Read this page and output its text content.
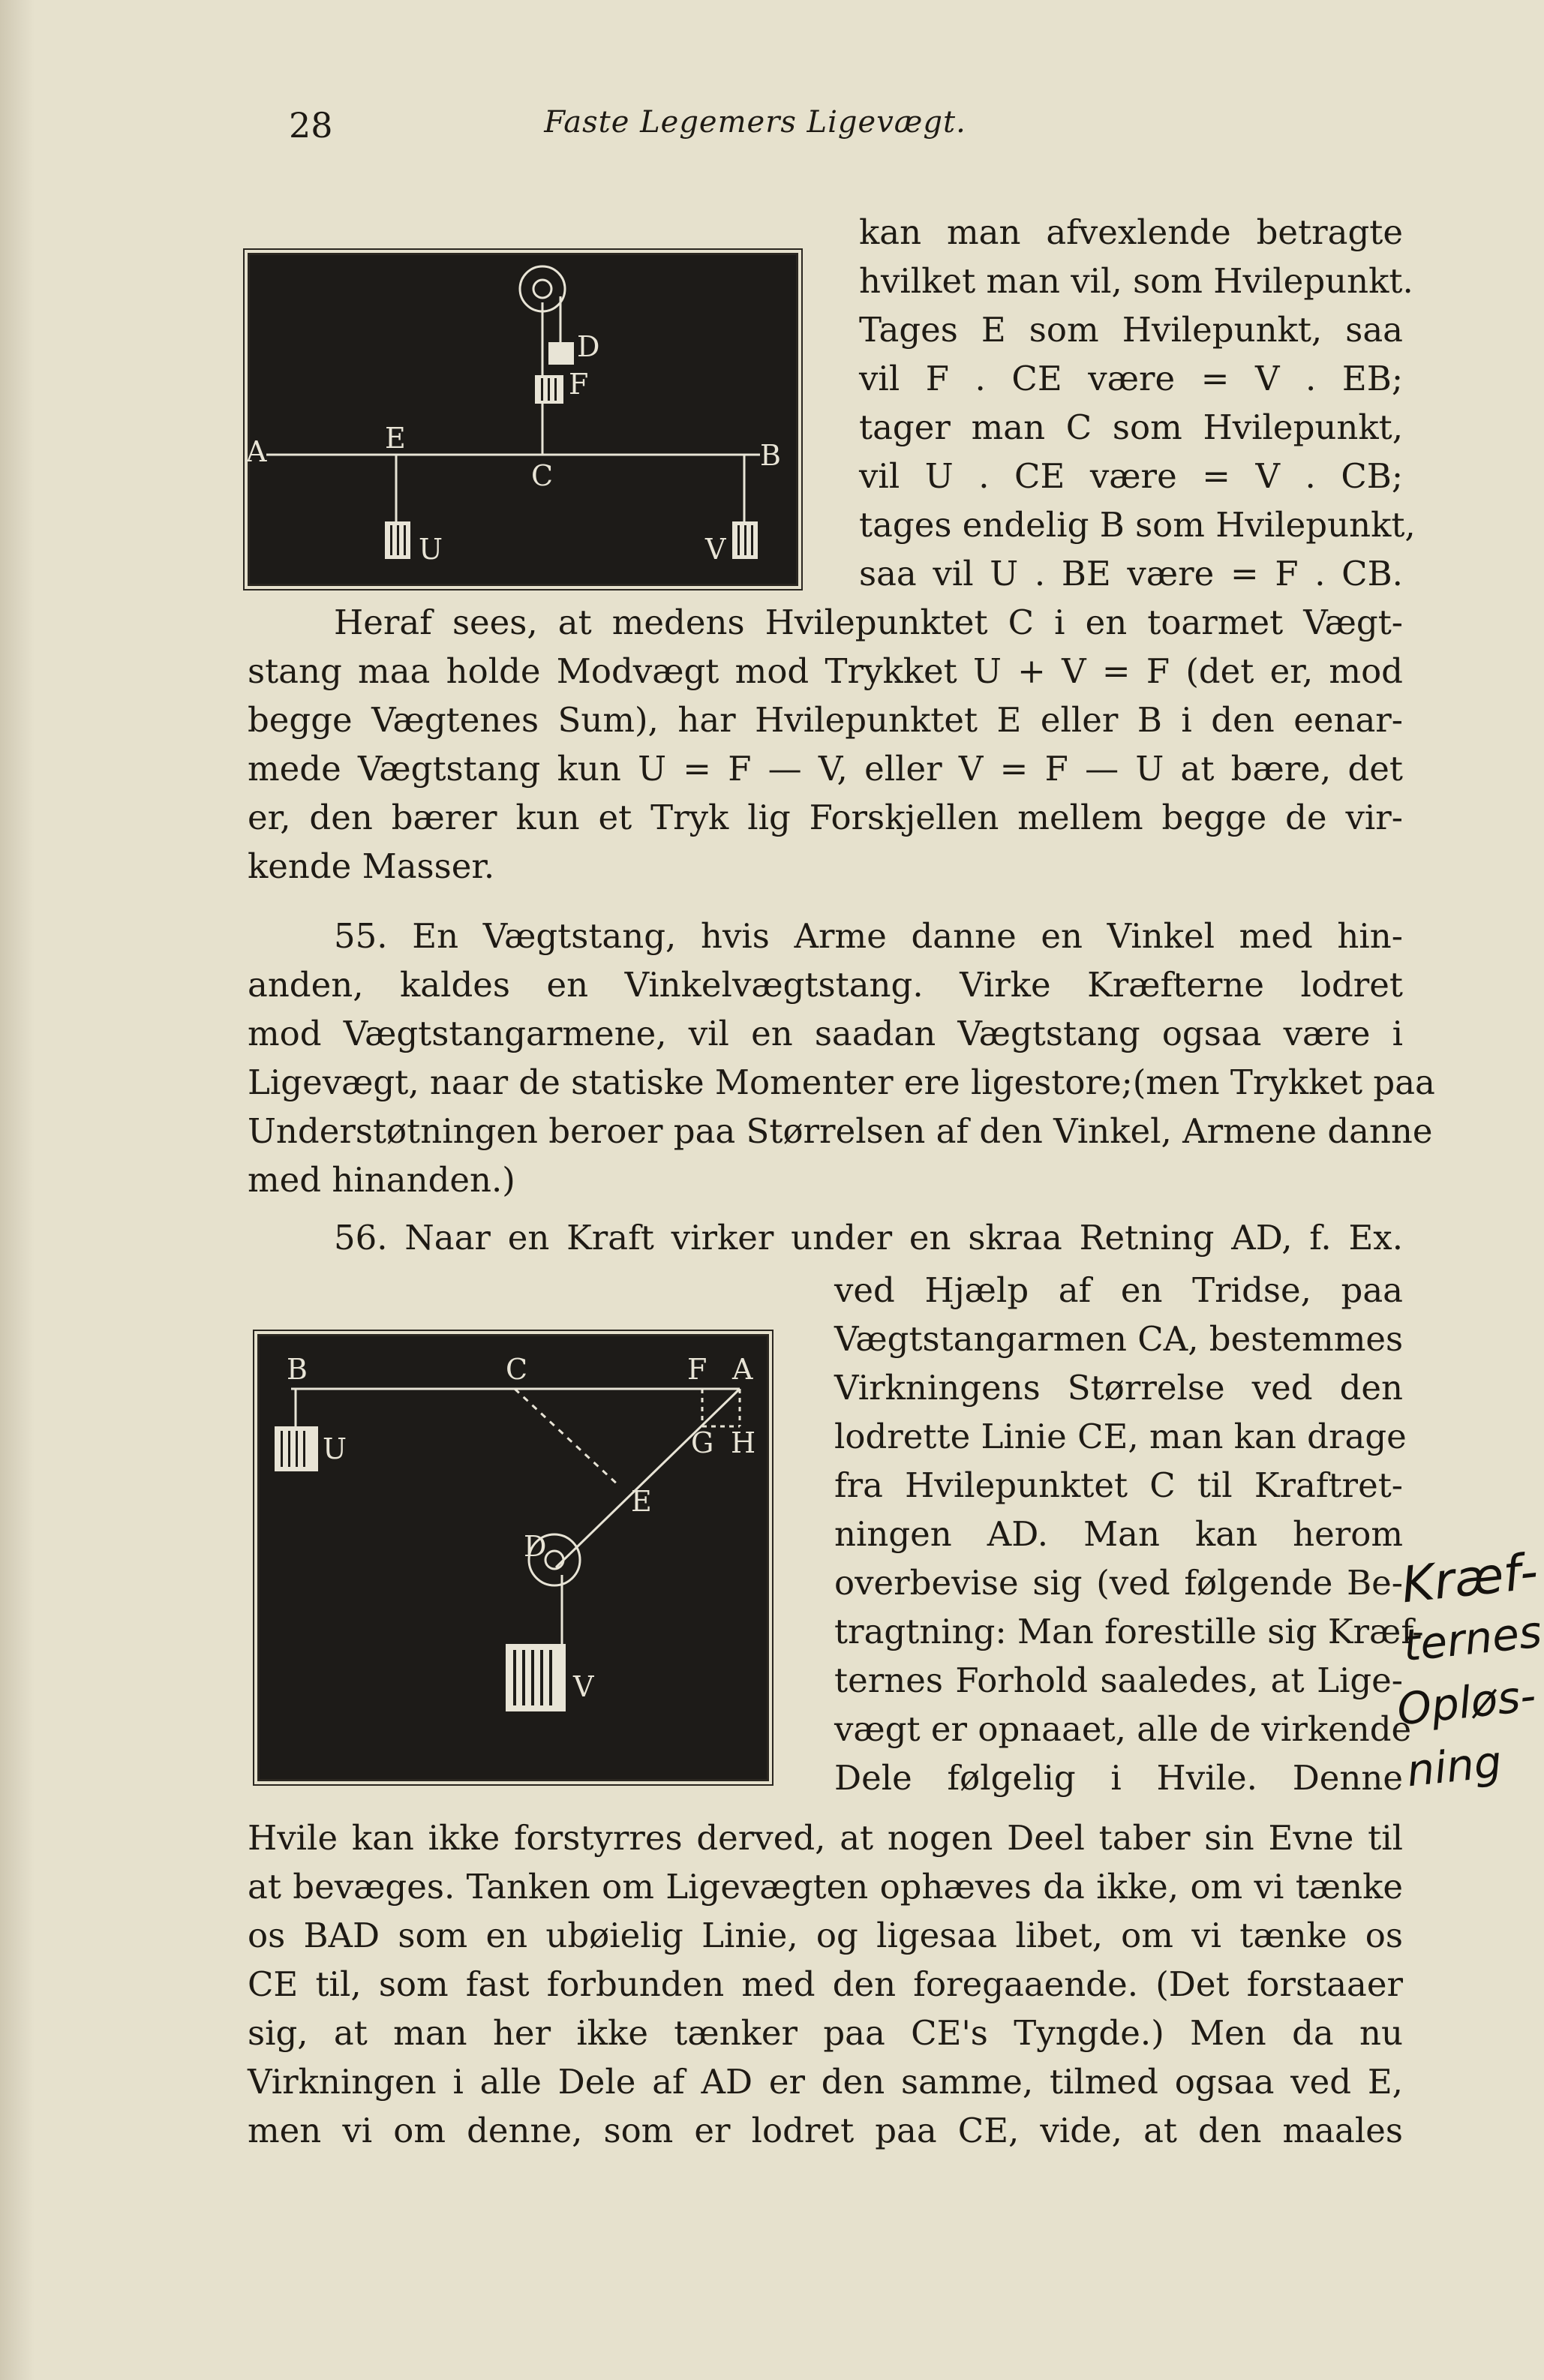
28	Faste Legemers Ligevægt.
A	E
C
B
D
F
U	V
B	C	F A
U	G H
E
D
V
kan man afvexlende betragte
hvilket man vil, som Hvilepunkt.
Tages E som Hvilepunkt, saa
vil F . CE være = V . EB;
tager man C som Hvilepunkt,
vil U . CE være = V . CB;
tages endelig B som Hvilepunkt,
saa vil U . BE være = F . CB.
Heraf sees, at medens Hvilepunktet C i en toarmet Vægt-
stang maa holde Modvægt mod Trykket U + V = F (det er, mod
begge Vægtenes Sum), har Hvilepunktet E eller B i den eenar-
mede Vægtstang kun U = F — V, eller V = F — U at bære, det
er, den bærer kun et Tryk lig Forskjellen mellem begge de vir-
kende Masser.
55. En Vægtstang, hvis Arme danne en Vinkel med hin-
anden, kaldes en Vinkelvægtstang. Virke Kræfterne lodret
mod Vægtstangarmene, vil en saadan Vægtstang ogsaa være i
Ligevægt, naar de statiske Momenter ere ligestore;(men Trykket paa
Understøtningen beroer paa Størrelsen af den Vinkel, Armene danne
med hinanden.)
56. Naar en Kraft virker under en skraa Retning AD, f. Ex.
ved Hjælp af en Tridse, paa
Vægtstangarmen CA, bestemmes
Virkningens Størrelse ved den
lodrette Linie CE, man kan drage
fra Hvilepunktet C til Kraftret-
ningen AD. Man kan herom
overbevise sig (ved følgende Be-
tragtning: Man forestille sig Kræf-
ternes Forhold saaledes, at Lige-
vægt er opnaaet, alle de virkende
Dele følgelig i Hvile. Denne
Hvile kan ikke forstyrres derved, at nogen Deel taber sin Evne til
at bevæges. Tanken om Ligevægten ophæves da ikke, om vi tænke
os BAD som en ubøielig Linie, og ligesaa libet, om vi tænke os
CE til, som fast forbunden med den foregaaende. (Det forstaaer
sig, at man her ikke tænker paa CE's Tyngde.) Men da nu
Virkningen i alle Dele af AD er den samme, tilmed ogsaa ved E,
men vi om denne, som er lodret paa CE, vide, at den maales
Kræf-
ternes
Opløs-
ning
